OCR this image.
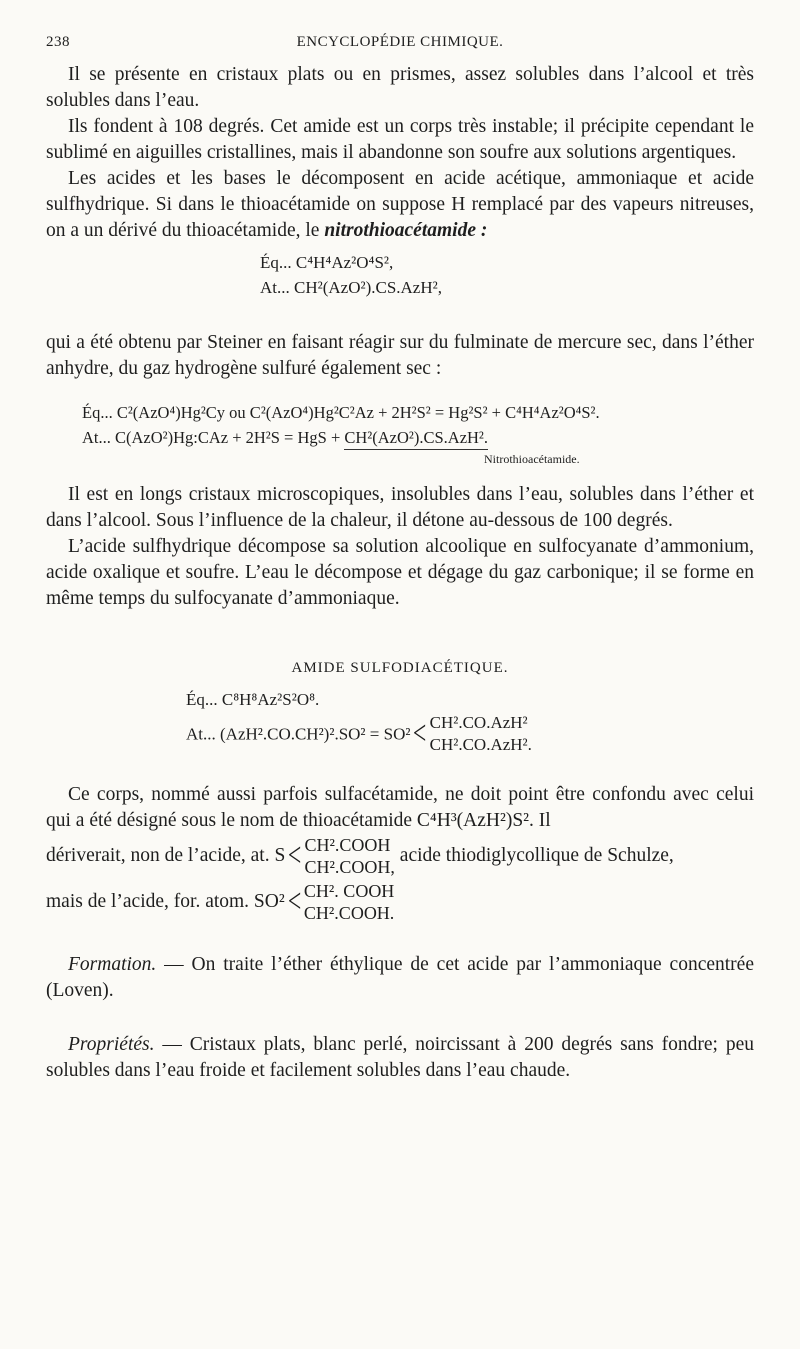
238	ENCYCLOPÉDIE CHIMIQUE.

Il se présente en cristaux plats ou en prismes, assez solubles dans l’alcool et très solubles dans l’eau.

Ils fondent à 108 degrés. Cet amide est un corps très instable; il précipite cependant le sublimé en aiguilles cristallines, mais il abandonne son soufre aux solutions argentiques.

Les acides et les bases le décomposent en acide acétique, ammoniaque et acide sulfhydrique. Si dans le thioacétamide on suppose H remplacé par des vapeurs nitreuses, on a un dérivé du thioacétamide, le nitrothioacétamide :

Éq... C⁴H⁴Az²O⁴S²,
At... CH²(AzO²).CS.AzH²,

qui a été obtenu par Steiner en faisant réagir sur du fulminate de mercure sec, dans l’éther anhydre, du gaz hydrogène sulfuré également sec :

Éq... C²(AzO⁴)Hg²Cy ou C²(AzO⁴)Hg²C²Az + 2H²S² = Hg²S² + C⁴H⁴Az²O⁴S².
At... C(AzO²)Hg:CAz + 2H²S = HgS + CH²(AzO²).CS.AzH².
Nitrothioacétamide.

Il est en longs cristaux microscopiques, insolubles dans l’eau, solubles dans l’éther et dans l’alcool. Sous l’influence de la chaleur, il détone au-dessous de 100 degrés.

L’acide sulfhydrique décompose sa solution alcoolique en sulfocyanate d’ammonium, acide oxalique et soufre. L’eau le décompose et dégage du gaz carbonique; il se forme en même temps du sulfocyanate d’ammoniaque.

AMIDE SULFODIACÉTIQUE.

Éq... C⁸H⁸Az²S²O⁸.
At... (AzH².CO.CH²)².SO² = SO²< CH².CO.AzH²
CH².CO.AzH².

Ce corps, nommé aussi parfois sulfacétamide, ne doit point être confondu avec celui qui a été désigné sous le nom de thioacétamide C⁴H³(AzH²)S². Il

dériverait, non de l’acide, at. S< CH².COOH
CH².COOH, acide thiodiglycollique de Schulze,
mais de l’acide, for. atom. SO²< CH². COOH
CH².COOH.

Formation. — On traite l’éther éthylique de cet acide par l’ammoniaque concentrée (Loven).

Propriétés. — Cristaux plats, blanc perlé, noircissant à 200 degrés sans fondre; peu solubles dans l’eau froide et facilement solubles dans l’eau chaude.
